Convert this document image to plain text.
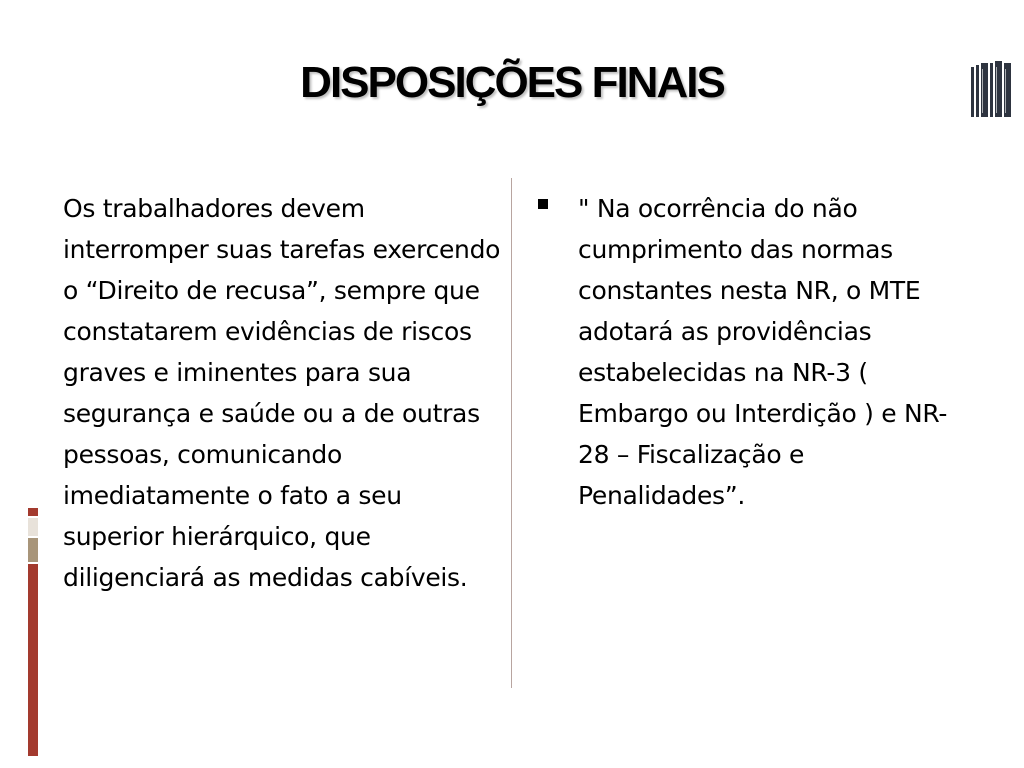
DISPOSIÇÕES FINAIS
Os trabalhadores devem interromper suas tarefas exercendo o “Direito de recusa”, sempre que constatarem evidências de riscos graves e iminentes para sua segurança e saúde ou a de outras pessoas, comunicando imediatamente o fato a seu superior hierárquico, que diligenciará as medidas cabíveis.
" Na ocorrência do não cumprimento das normas constantes nesta NR, o MTE adotará as providências estabelecidas na NR-3 ( Embargo ou Interdição ) e NR-28 – Fiscalização e Penalidades”.
